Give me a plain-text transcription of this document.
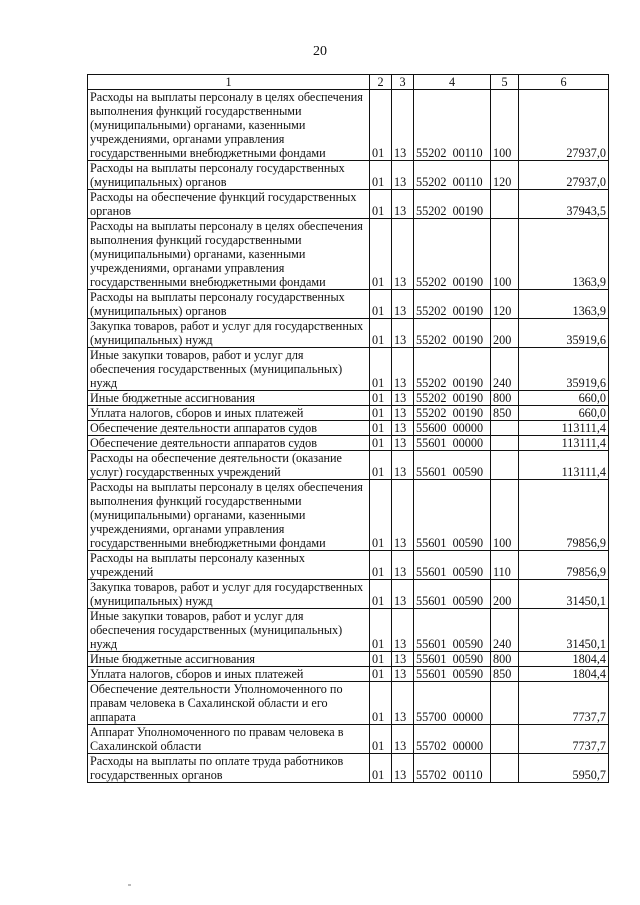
20
1	2	3	4	5	6
Расходы на выплаты персоналу в целях обеспечения выполнения функций государственными (муниципальными) органами, казенными учреждениями, органами управления государственными внебюджетными фондами	01	13	55202  00110	100	27937,0
Расходы на выплаты персоналу государственных (муниципальных) органов	01	13	55202  00110	120	27937,0
Расходы на обеспечение функций государственных органов	01	13	55202  00190		37943,5
Расходы на выплаты персоналу в целях обеспечения выполнения функций государственными (муниципальными) органами, казенными учреждениями, органами управления государственными внебюджетными фондами	01	13	55202  00190	100	1363,9
Расходы на выплаты персоналу государственных (муниципальных) органов	01	13	55202  00190	120	1363,9
Закупка товаров, работ и услуг для государственных (муниципальных) нужд	01	13	55202  00190	200	35919,6
Иные закупки товаров, работ и услуг для обеспечения государственных (муниципальных) нужд	01	13	55202  00190	240	35919,6
Иные бюджетные ассигнования	01	13	55202  00190	800	660,0
Уплата налогов, сборов и иных платежей	01	13	55202  00190	850	660,0
Обеспечение деятельности аппаратов судов	01	13	55600  00000		113111,4
Обеспечение деятельности аппаратов судов	01	13	55601  00000		113111,4
Расходы на обеспечение деятельности (оказание услуг) государственных учреждений	01	13	55601  00590		113111,4
Расходы на выплаты персоналу в целях обеспечения выполнения функций государственными (муниципальными) органами, казенными учреждениями, органами управления государственными внебюджетными фондами	01	13	55601  00590	100	79856,9
Расходы на выплаты персоналу казенных учреждений	01	13	55601  00590	110	79856,9
Закупка товаров, работ и услуг для государственных (муниципальных) нужд	01	13	55601  00590	200	31450,1
Иные закупки товаров, работ и услуг для обеспечения государственных (муниципальных) нужд	01	13	55601  00590	240	31450,1
Иные бюджетные ассигнования	01	13	55601  00590	800	1804,4
Уплата налогов, сборов и иных платежей	01	13	55601  00590	850	1804,4
Обеспечение деятельности Уполномоченного по правам человека в Сахалинской области и его аппарата	01	13	55700  00000		7737,7
Аппарат Уполномоченного по правам человека в Сахалинской области	01	13	55702  00000		7737,7
Расходы на выплаты по оплате труда работников государственных органов	01	13	55702  00110		5950,7
